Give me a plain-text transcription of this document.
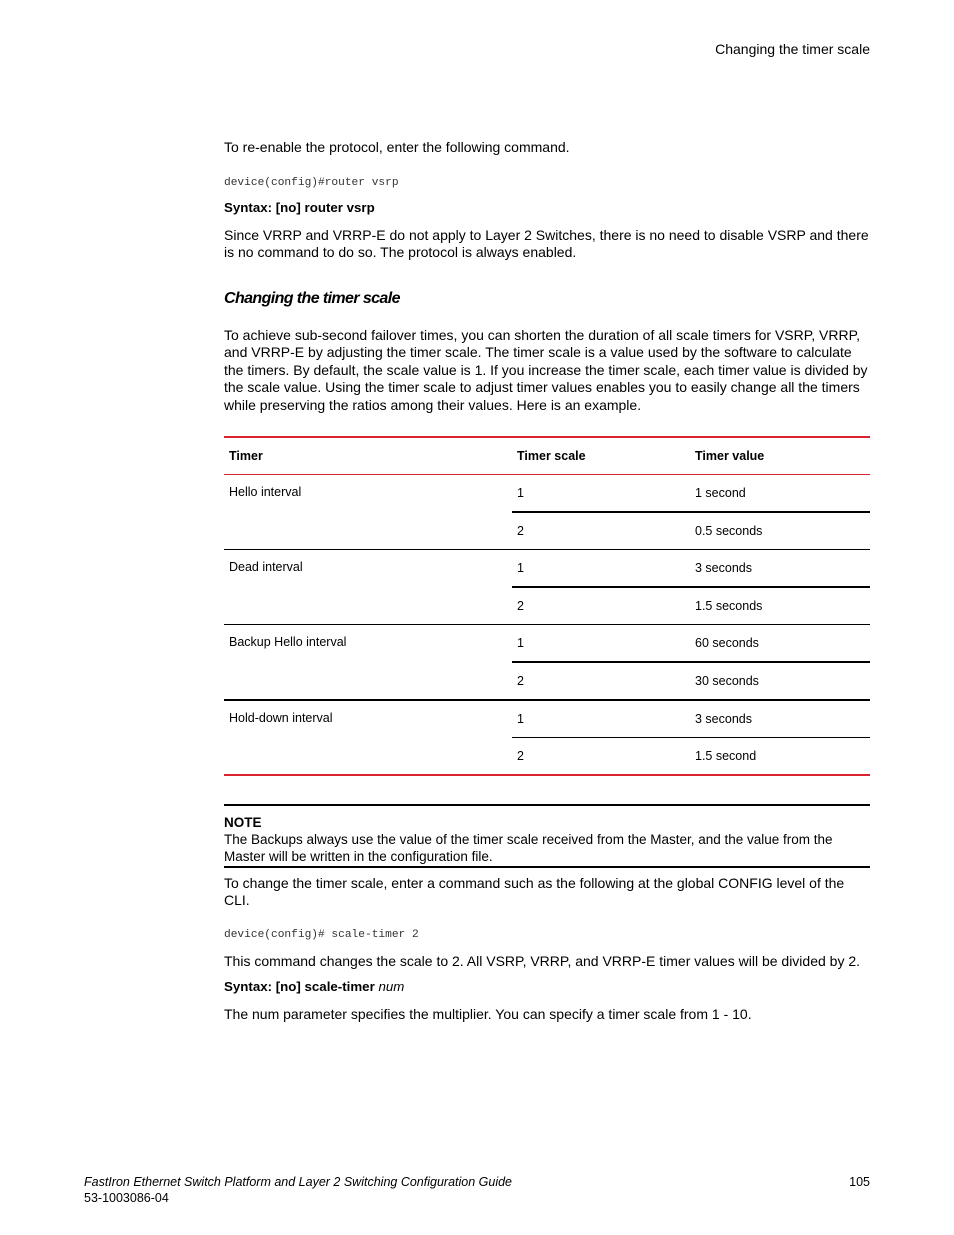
Changing the timer scale
To re-enable the protocol, enter the following command.
device(config)#router vsrp
Syntax: [no] router vsrp
Since VRRP and VRRP-E do not apply to Layer 2 Switches, there is no need to disable VSRP and there is no command to do so. The protocol is always enabled.
Changing the timer scale
To achieve sub-second failover times, you can shorten the duration of all scale timers for VSRP, VRRP, and VRRP-E by adjusting the timer scale. The timer scale is a value used by the software to calculate the timers. By default, the scale value is 1. If you increase the timer scale, each timer value is divided by the scale value. Using the timer scale to adjust timer values enables you to easily change all the timers while preserving the ratios among their values. Here is an example.
Timer	Timer scale	Timer value
Hello interval	1	1 second
	2	0.5 seconds
Dead interval	1	3 seconds
	2	1.5 seconds
Backup Hello interval	1	60 seconds
	2	30 seconds
Hold-down interval	1	3 seconds
	2	1.5 second
NOTE
The Backups always use the value of the timer scale received from the Master, and the value from the Master will be written in the configuration file.
To change the timer scale, enter a command such as the following at the global CONFIG level of the CLI.
device(config)# scale-timer 2
This command changes the scale to 2. All VSRP, VRRP, and VRRP-E timer values will be divided by 2.
Syntax: [no] scale-timer num
The num parameter specifies the multiplier. You can specify a timer scale from 1 - 10.
FastIron Ethernet Switch Platform and Layer 2 Switching Configuration Guide
53-1003086-04
105
